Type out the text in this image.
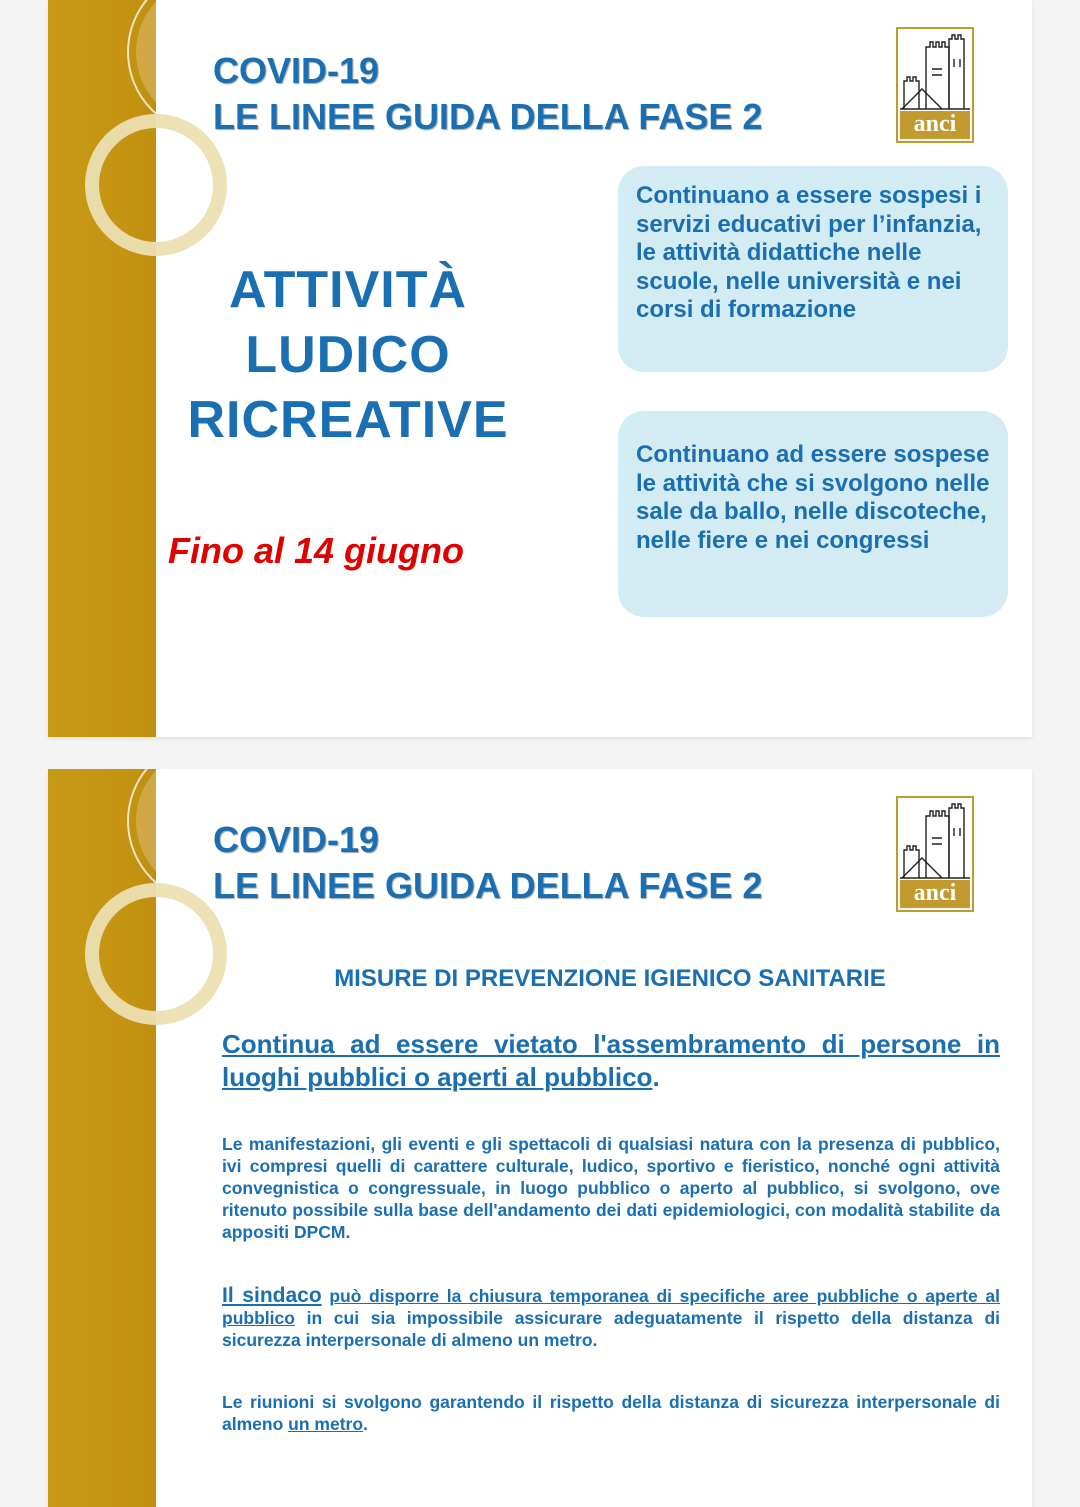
COVID-19
LE LINEE GUIDA DELLA FASE 2	anci
ATTIVITÀ
LUDICO
RICREATIVE

Fino al 14 giugno

Continuano a essere sospesi i servizi educativi per l’infanzia, le attività didattiche nelle scuole, nelle università e nei corsi di formazione
Continuano ad essere sospese le attività che si svolgono nelle sale da ballo, nelle discoteche, nelle fiere e nei congressi
COVID-19
LE LINEE GUIDA DELLA FASE 2	anci
MISURE DI PREVENZIONE IGIENICO SANITARIE

Continua ad essere vietato l'assembramento di persone in luoghi pubblici o aperti al pubblico.

Le manifestazioni, gli eventi e gli spettacoli di qualsiasi natura con la presenza di pubblico, ivi compresi quelli di carattere culturale, ludico, sportivo e fieristico, nonché ogni attività convegnistica o congressuale, in luogo pubblico o aperto al pubblico, si svolgono, ove ritenuto possibile sulla base dell'andamento dei dati epidemiologici, con modalità stabilite da appositi DPCM.

Il sindaco può disporre la chiusura temporanea di specifiche aree pubbliche o aperte al pubblico in cui sia impossibile assicurare adeguatamente il rispetto della distanza di sicurezza interpersonale di almeno un metro.

Le riunioni si svolgono garantendo il rispetto della distanza di sicurezza interpersonale di almeno un metro.
